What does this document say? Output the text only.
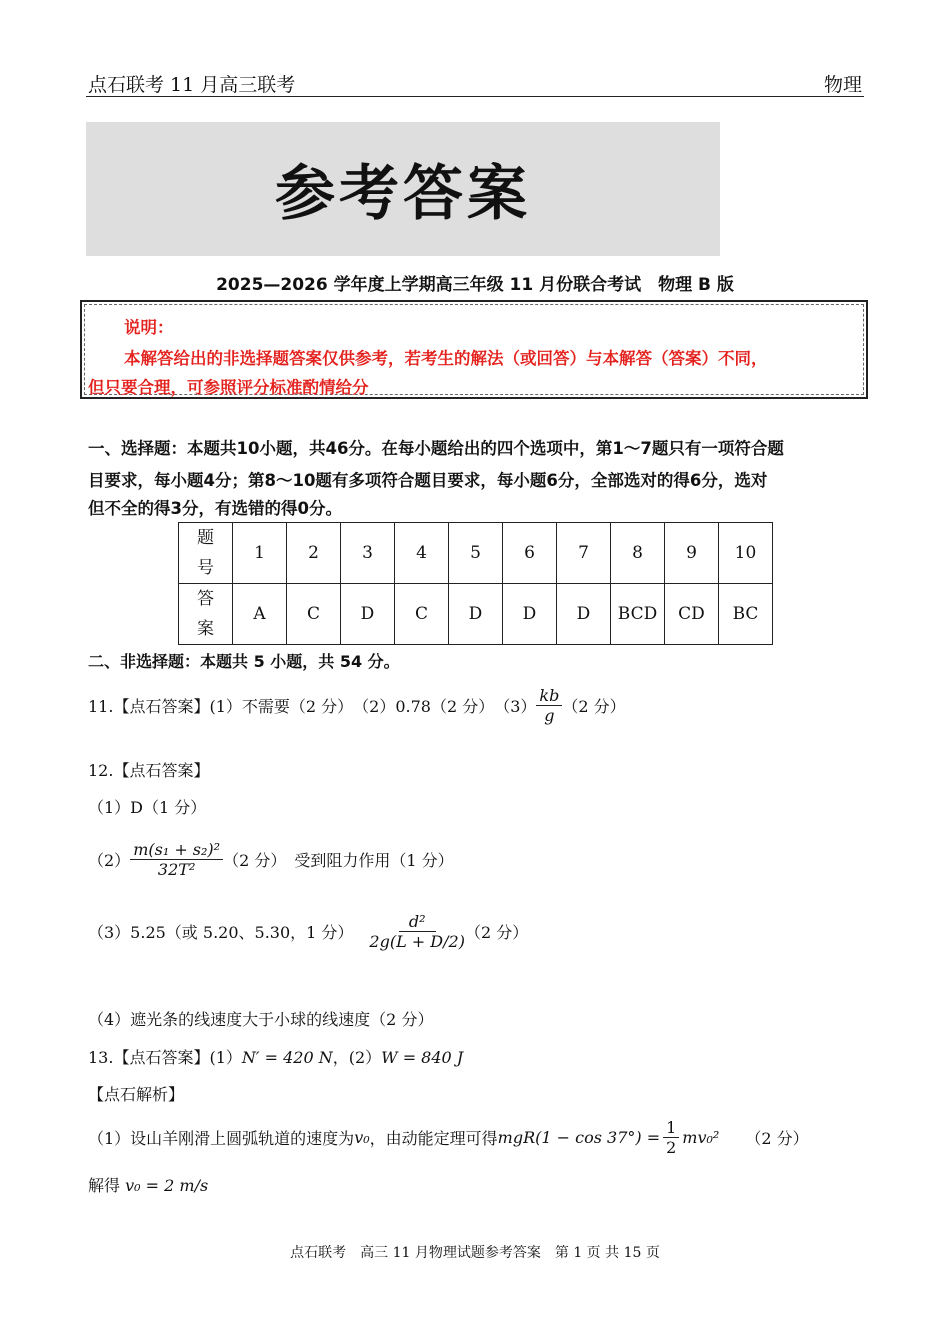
点石联考 11 月高三联考	物理
参考答案
2025—2026 学年度上学期高三年级 11 月份联合考试　物理 B 版
说明：
本解答给出的非选择题答案仅供参考，若考生的解法（或回答）与本解答（答案）不同，
但只要合理，可参照评分标准酌情给分
一、选择题：本题共10小题，共46分。在每小题给出的四个选项中，第1～7题只有一项符合题
目要求，每小题4分；第8～10题有多项符合题目要求，每小题6分，全部选对的得6分，选对
但不全的得3分，有选错的得0分。
题
号	1	2	3	4	5	6	7	8	9	10

答
案	A	C	D	C	D	D	D	BCD	CD	BC
二、非选择题：本题共 5 小题，共 54 分。
11.【点石答案】(1）不需要（2 分）　（2）0.78（2 分）　$(3) \frac{kb}{g} (2$ 分）
12.【点石答案】
（1）D（1 分）
$(2) \frac{\text{m(s₁ + s₂)²}}{\text{32T²}} (2$ 分）　受到阻力作用（1 分）
（3）5.25（或 5.20、5.30，1 分） $\frac{\text{d²}}{2g(L + D/2)} (2$ 分）
（4）遮光条的线速度大于小球的线速度（2 分）
13.【点石答案】(1）N′ = 420 N，(2）W = 840 J
【点石解析】
（1）设山羊刚滑上圆弧轨道的速度为 v₀ ，由动能定理可得 $mgR(1 - \cos 37^\circ) = \frac{1}{2} mv_0^2$ （2 分）
解得 v₀ = 2 m/s
点石联考　高三 11 月物理试题参考答案　第 1 页 共 15 页
